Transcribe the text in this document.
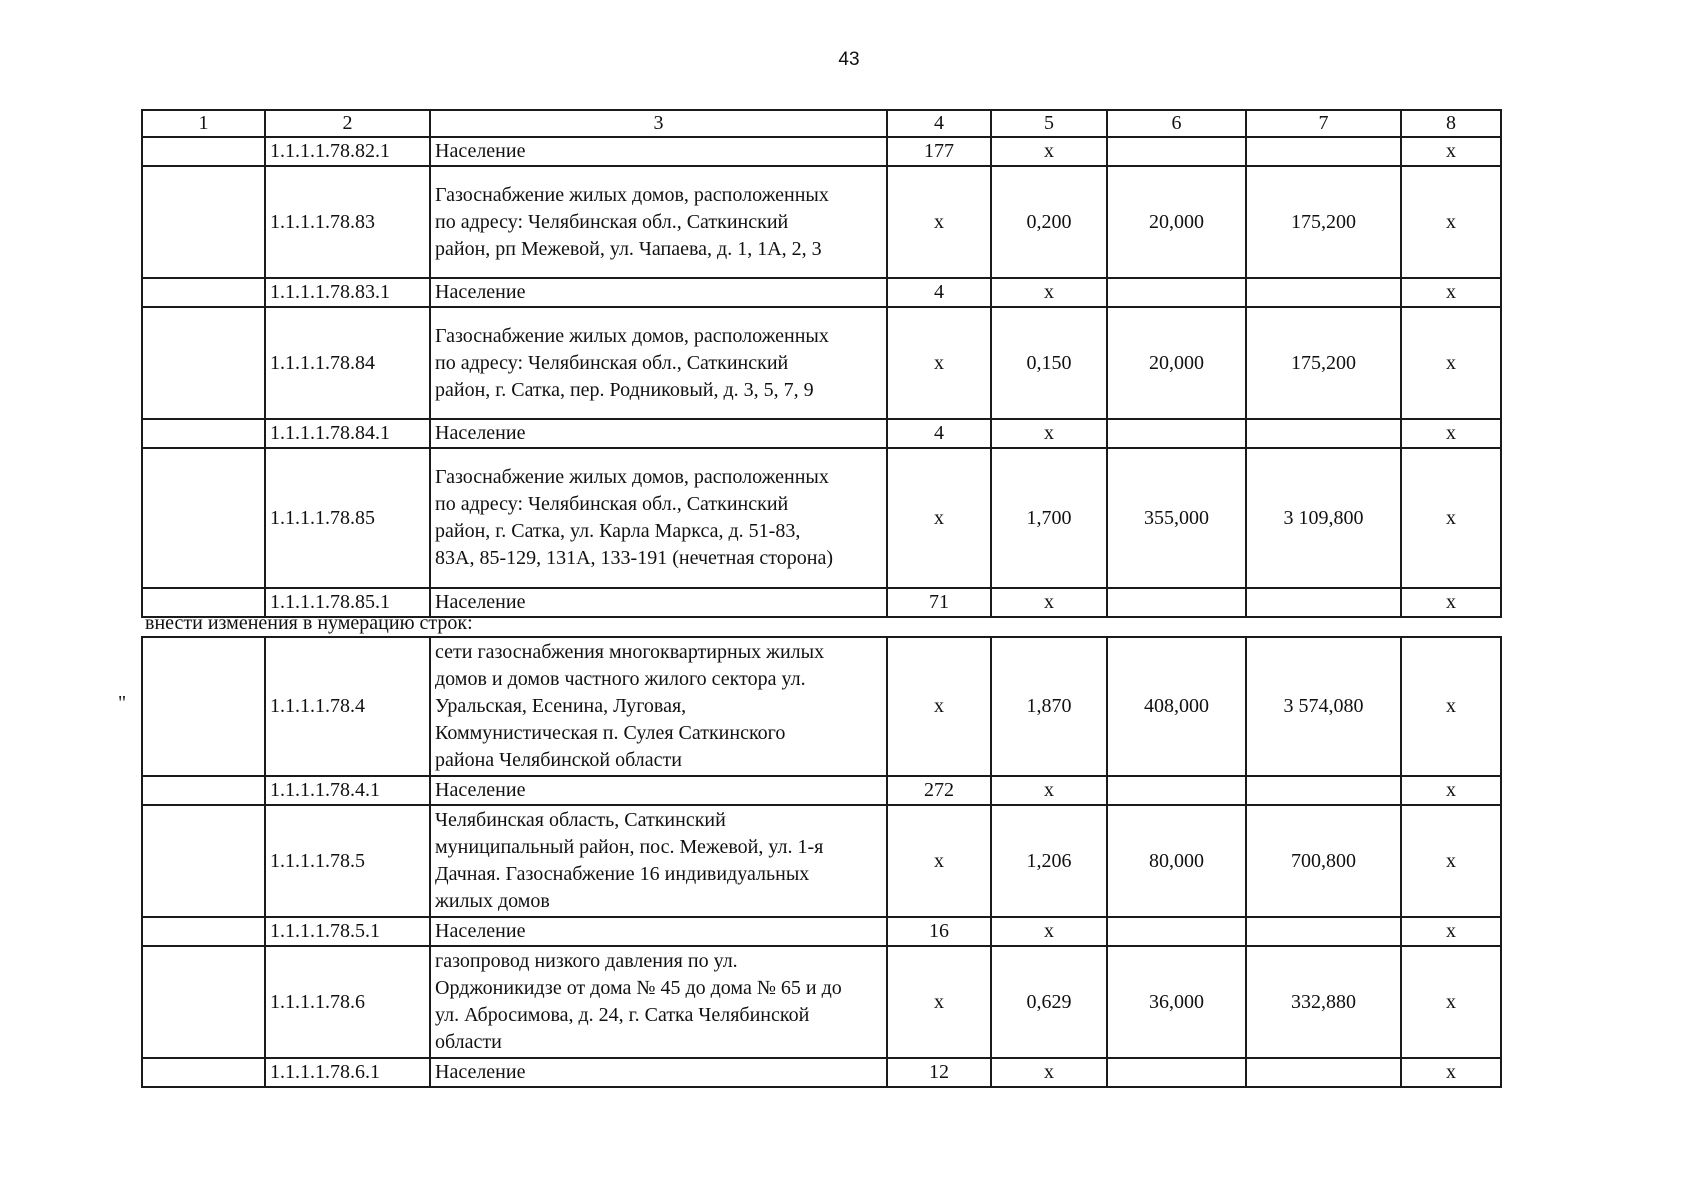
43
1	2	3	4	5	6	7	8
	1.1.1.1.78.82.1	Население	177	x			x
	1.1.1.1.78.83	Газоснабжение жилых домов, расположенных
по адресу: Челябинская обл., Саткинский
район, рп Межевой, ул. Чапаева, д. 1, 1А, 2, 3	x	0,200	20,000	175,200	x
	1.1.1.1.78.83.1	Население	4	x			x
	1.1.1.1.78.84	Газоснабжение жилых домов, расположенных
по адресу: Челябинская обл., Саткинский
район, г. Сатка, пер. Родниковый, д. 3, 5, 7, 9	x	0,150	20,000	175,200	x
	1.1.1.1.78.84.1	Население	4	x			x
	1.1.1.1.78.85	Газоснабжение жилых домов, расположенных
по адресу: Челябинская обл., Саткинский
район, г. Сатка, ул. Карла Маркса, д. 51-83,
83А, 85-129, 131А, 133-191 (нечетная сторона)	x	1,700	355,000	3 109,800	x
	1.1.1.1.78.85.1	Население	71	x			x
внести изменения в нумерацию строк:
"
		1.1.1.1.78.4	сети газоснабжения многоквартирных жилых
домов и домов частного жилого сектора ул.
Уральская, Есенина, Луговая,
Коммунистическая п. Сулея Саткинского
района Челябинской области	x	1,870	408,000	3 574,080	x
	1.1.1.1.78.4.1	Население	272	x			x
	1.1.1.1.78.5	Челябинская область, Саткинский
муниципальный район, пос. Межевой, ул. 1-я
Дачная. Газоснабжение 16 индивидуальных
жилых домов	x	1,206	80,000	700,800	x
	1.1.1.1.78.5.1	Население	16	x			x
	1.1.1.1.78.6	газопровод низкого давления по ул.
Орджоникидзе от дома № 45 до дома № 65 и до
ул. Абросимова, д. 24, г. Сатка Челябинской
области	x	0,629	36,000	332,880	x
	1.1.1.1.78.6.1	Население	12	x			x
